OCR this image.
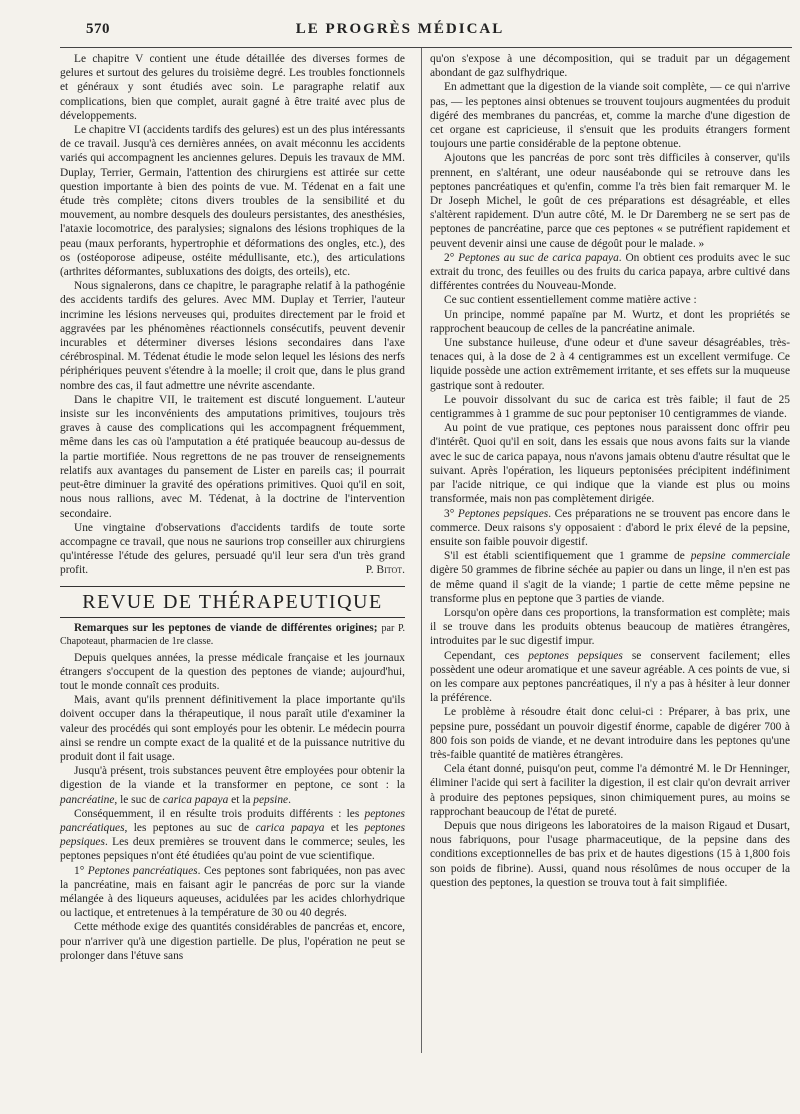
570	LE PROGRÈS MÉDICAL

Le chapitre V contient une étude détaillée des diverses formes de gelures et surtout des gelures du troisième degré. Les troubles fonctionnels et généraux y sont étudiés avec soin. Le paragraphe relatif aux complications, bien que complet, aurait gagné à être traité avec plus de développements.

Le chapitre VI (accidents tardifs des gelures) est un des plus intéressants de ce travail. Jusqu'à ces dernières années, on avait méconnu les accidents variés qui accompagnent les anciennes gelures. Depuis les travaux de MM. Duplay, Terrier, Germain, l'attention des chirurgiens est attirée sur cette question importante à bien des points de vue. M. Tédenat en a fait une étude très complète; citons divers troubles de la sensibilité et du mouvement, au nombre desquels des douleurs persistantes, des anesthésies, l'ataxie locomotrice, des paralysies; signalons des lésions trophiques de la peau (maux perforants, hypertrophie et déformations des ongles, etc.), des os (ostéoporose adipeuse, ostéite médullisante, etc.), des articulations (arthrites déformantes, subluxations des doigts, des orteils), etc.

Nous signalerons, dans ce chapitre, le paragraphe relatif à la pathogénie des accidents tardifs des gelures. Avec MM. Duplay et Terrier, l'auteur incrimine les lésions nerveuses qui, produites directement par le froid et aggravées par les phénomènes réactionnels consécutifs, peuvent devenir incurables et déterminer diverses lésions secondaires dans l'axe cérébrospinal. M. Tédenat étudie le mode selon lequel les lésions des nerfs périphériques peuvent s'étendre à la moelle; il croit que, dans le plus grand nombre des cas, il faut admettre une névrite ascendante.

Dans le chapitre VII, le traitement est discuté longuement. L'auteur insiste sur les inconvénients des amputations primitives, toujours très graves à cause des complications qui les accompagnent fréquemment, même dans les cas où l'amputation a été pratiquée beaucoup au-dessus de la partie mortifiée. Nous regrettons de ne pas trouver de renseignements relatifs aux avantages du pansement de Lister en pareils cas; il pourrait peut-être diminuer la gravité des opérations primitives. Quoi qu'il en soit, nous nous rallions, avec M. Tédenat, à la doctrine de l'intervention secondaire.

Une vingtaine d'observations d'accidents tardifs de toute sorte accompagne ce travail, que nous ne saurions trop conseiller aux chirurgiens qu'intéresse l'étude des gelures, persuadé qu'il leur sera d'un très grand profit.	P. Bitot.

REVUE DE THÉRAPEUTIQUE

Remarques sur les peptones de viande de différentes origines; par P. Chapoteaut, pharmacien de 1re classe.

Depuis quelques années, la presse médicale française et les journaux étrangers s'occupent de la question des peptones de viande; aujourd'hui, tout le monde connaît ces produits.

Mais, avant qu'ils prennent définitivement la place importante qu'ils doivent occuper dans la thérapeutique, il nous paraît utile d'examiner la valeur des procédés qui sont employés pour les obtenir. Le médecin pourra ainsi se rendre un compte exact de la qualité et de la puissance nutritive du produit dont il fait usage.

Jusqu'à présent, trois substances peuvent être employées pour obtenir la digestion de la viande et la transformer en peptone, ce sont : la pancréatine, le suc de carica papaya et la pepsine.

Conséquemment, il en résulte trois produits différents : les peptones pancréatiques, les peptones au suc de carica papaya et les peptones pepsiques. Les deux premières se trouvent dans le commerce; seules, les peptones pepsiques n'ont été étudiées qu'au point de vue scientifique.

1° Peptones pancréatiques. Ces peptones sont fabriquées, non pas avec la pancréatine, mais en faisant agir le pancréas de porc sur la viande mélangée à des liqueurs aqueuses, acidulées par les acides chlorhydrique ou lactique, et entretenues à la température de 30 ou 40 degrés.

Cette méthode exige des quantités considérables de pancréas et, encore, pour n'arriver qu'à une digestion partielle. De plus, l'opération ne peut se prolonger dans l'étuve sans

qu'on s'expose à une décomposition, qui se traduit par un dégagement abondant de gaz sulfhydrique.

En admettant que la digestion de la viande soit complète, — ce qui n'arrive pas, — les peptones ainsi obtenues se trouvent toujours augmentées du produit digéré des membranes du pancréas, et, comme la marche d'une digestion de cet organe est capricieuse, il s'ensuit que les produits étrangers forment toujours une partie considérable de la peptone obtenue.

Ajoutons que les pancréas de porc sont très difficiles à conserver, qu'ils prennent, en s'altérant, une odeur nauséabonde qui se retrouve dans les peptones pancréatiques et qu'enfin, comme l'a très bien fait remarquer M. le Dr Joseph Michel, le goût de ces préparations est désagréable, et elles s'altèrent rapidement. D'un autre côté, M. le Dr Daremberg ne se sert pas de peptones de pancréatine, parce que ces peptones « se putréfient rapidement et peuvent devenir ainsi une cause de dégoût pour le malade. »

2° Peptones au suc de carica papaya. On obtient ces produits avec le suc extrait du tronc, des feuilles ou des fruits du carica papaya, arbre cultivé dans différentes contrées du Nouveau-Monde.

Ce suc contient essentiellement comme matière active :

Un principe, nommé papaïne par M. Wurtz, et dont les propriétés se rapprochent beaucoup de celles de la pancréatine animale.

Une substance huileuse, d'une odeur et d'une saveur désagréables, très-tenaces qui, à la dose de 2 à 4 centigrammes est un excellent vermifuge. Ce liquide possède une action extrêmement irritante, et ses effets sur la muqueuse gastrique sont à redouter.

Le pouvoir dissolvant du suc de carica est très faible; il faut de 25 centigrammes à 1 gramme de suc pour peptoniser 10 centigrammes de viande.

Au point de vue pratique, ces peptones nous paraissent donc offrir peu d'intérêt. Quoi qu'il en soit, dans les essais que nous avons faits sur la viande avec le suc de carica papaya, nous n'avons jamais obtenu d'autre résultat que le suivant. Après l'opération, les liqueurs peptonisées précipitent indéfiniment par l'acide nitrique, ce qui indique que la viande est plus ou moins transformée, mais non pas complètement dirigée.

3° Peptones pepsiques. Ces préparations ne se trouvent pas encore dans le commerce. Deux raisons s'y opposaient : d'abord le prix élevé de la pepsine, ensuite son faible pouvoir digestif.

S'il est établi scientifiquement que 1 gramme de pepsine commerciale digère 50 grammes de fibrine séchée au papier ou dans un linge, il n'en est pas de même quand il s'agit de la viande; 1 partie de cette même pepsine ne transforme plus en peptone que 3 parties de viande.

Lorsqu'on opère dans ces proportions, la transformation est complète; mais il se trouve dans les produits obtenus beaucoup de matières étrangères, introduites par le suc digestif impur.

Cependant, ces peptones pepsiques se conservent facilement; elles possèdent une odeur aromatique et une saveur agréable. A ces points de vue, si on les compare aux peptones pancréatiques, il n'y a pas à hésiter à leur donner la préférence.

Le problème à résoudre était donc celui-ci : Préparer, à bas prix, une pepsine pure, possédant un pouvoir digestif énorme, capable de digérer 700 à 800 fois son poids de viande, et ne devant introduire dans les peptones qu'une très-faible quantité de matières étrangères.

Cela étant donné, puisqu'on peut, comme l'a démontré M. le Dr Henninger, éliminer l'acide qui sert à faciliter la digestion, il est clair qu'on devrait arriver à produire des peptones pepsiques, sinon chimiquement pures, au moins se rapprochant beaucoup de l'état de pureté.

Depuis que nous dirigeons les laboratoires de la maison Rigaud et Dusart, nous fabriquons, pour l'usage pharmaceutique, de la pepsine dans des conditions exceptionnelles de bas prix et de hautes digestions (15 à 1,800 fois son poids de fibrine). Aussi, quand nous résolûmes de nous occuper de la question des peptones, la question se trouva tout à fait simplifiée.
